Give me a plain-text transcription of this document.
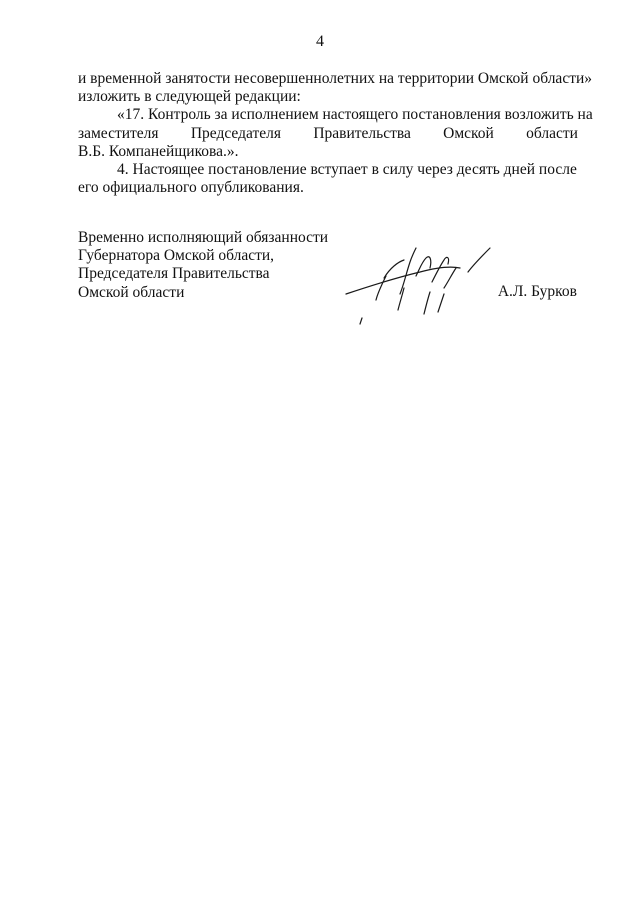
4
и временной занятости несовершеннолетних на территории Омской области»
изложить в следующей редакции:
«17. Контроль за исполнением настоящего постановления возложить на
заместителя Председателя Правительства Омской области
В.Б. Компанейщикова.».
4. Настоящее постановление вступает в силу через десять дней после
его официального опубликования.
Временно исполняющий обязанности
Губернатора Омской области,
Председателя Правительства
Омской области	А.Л. Бурков
